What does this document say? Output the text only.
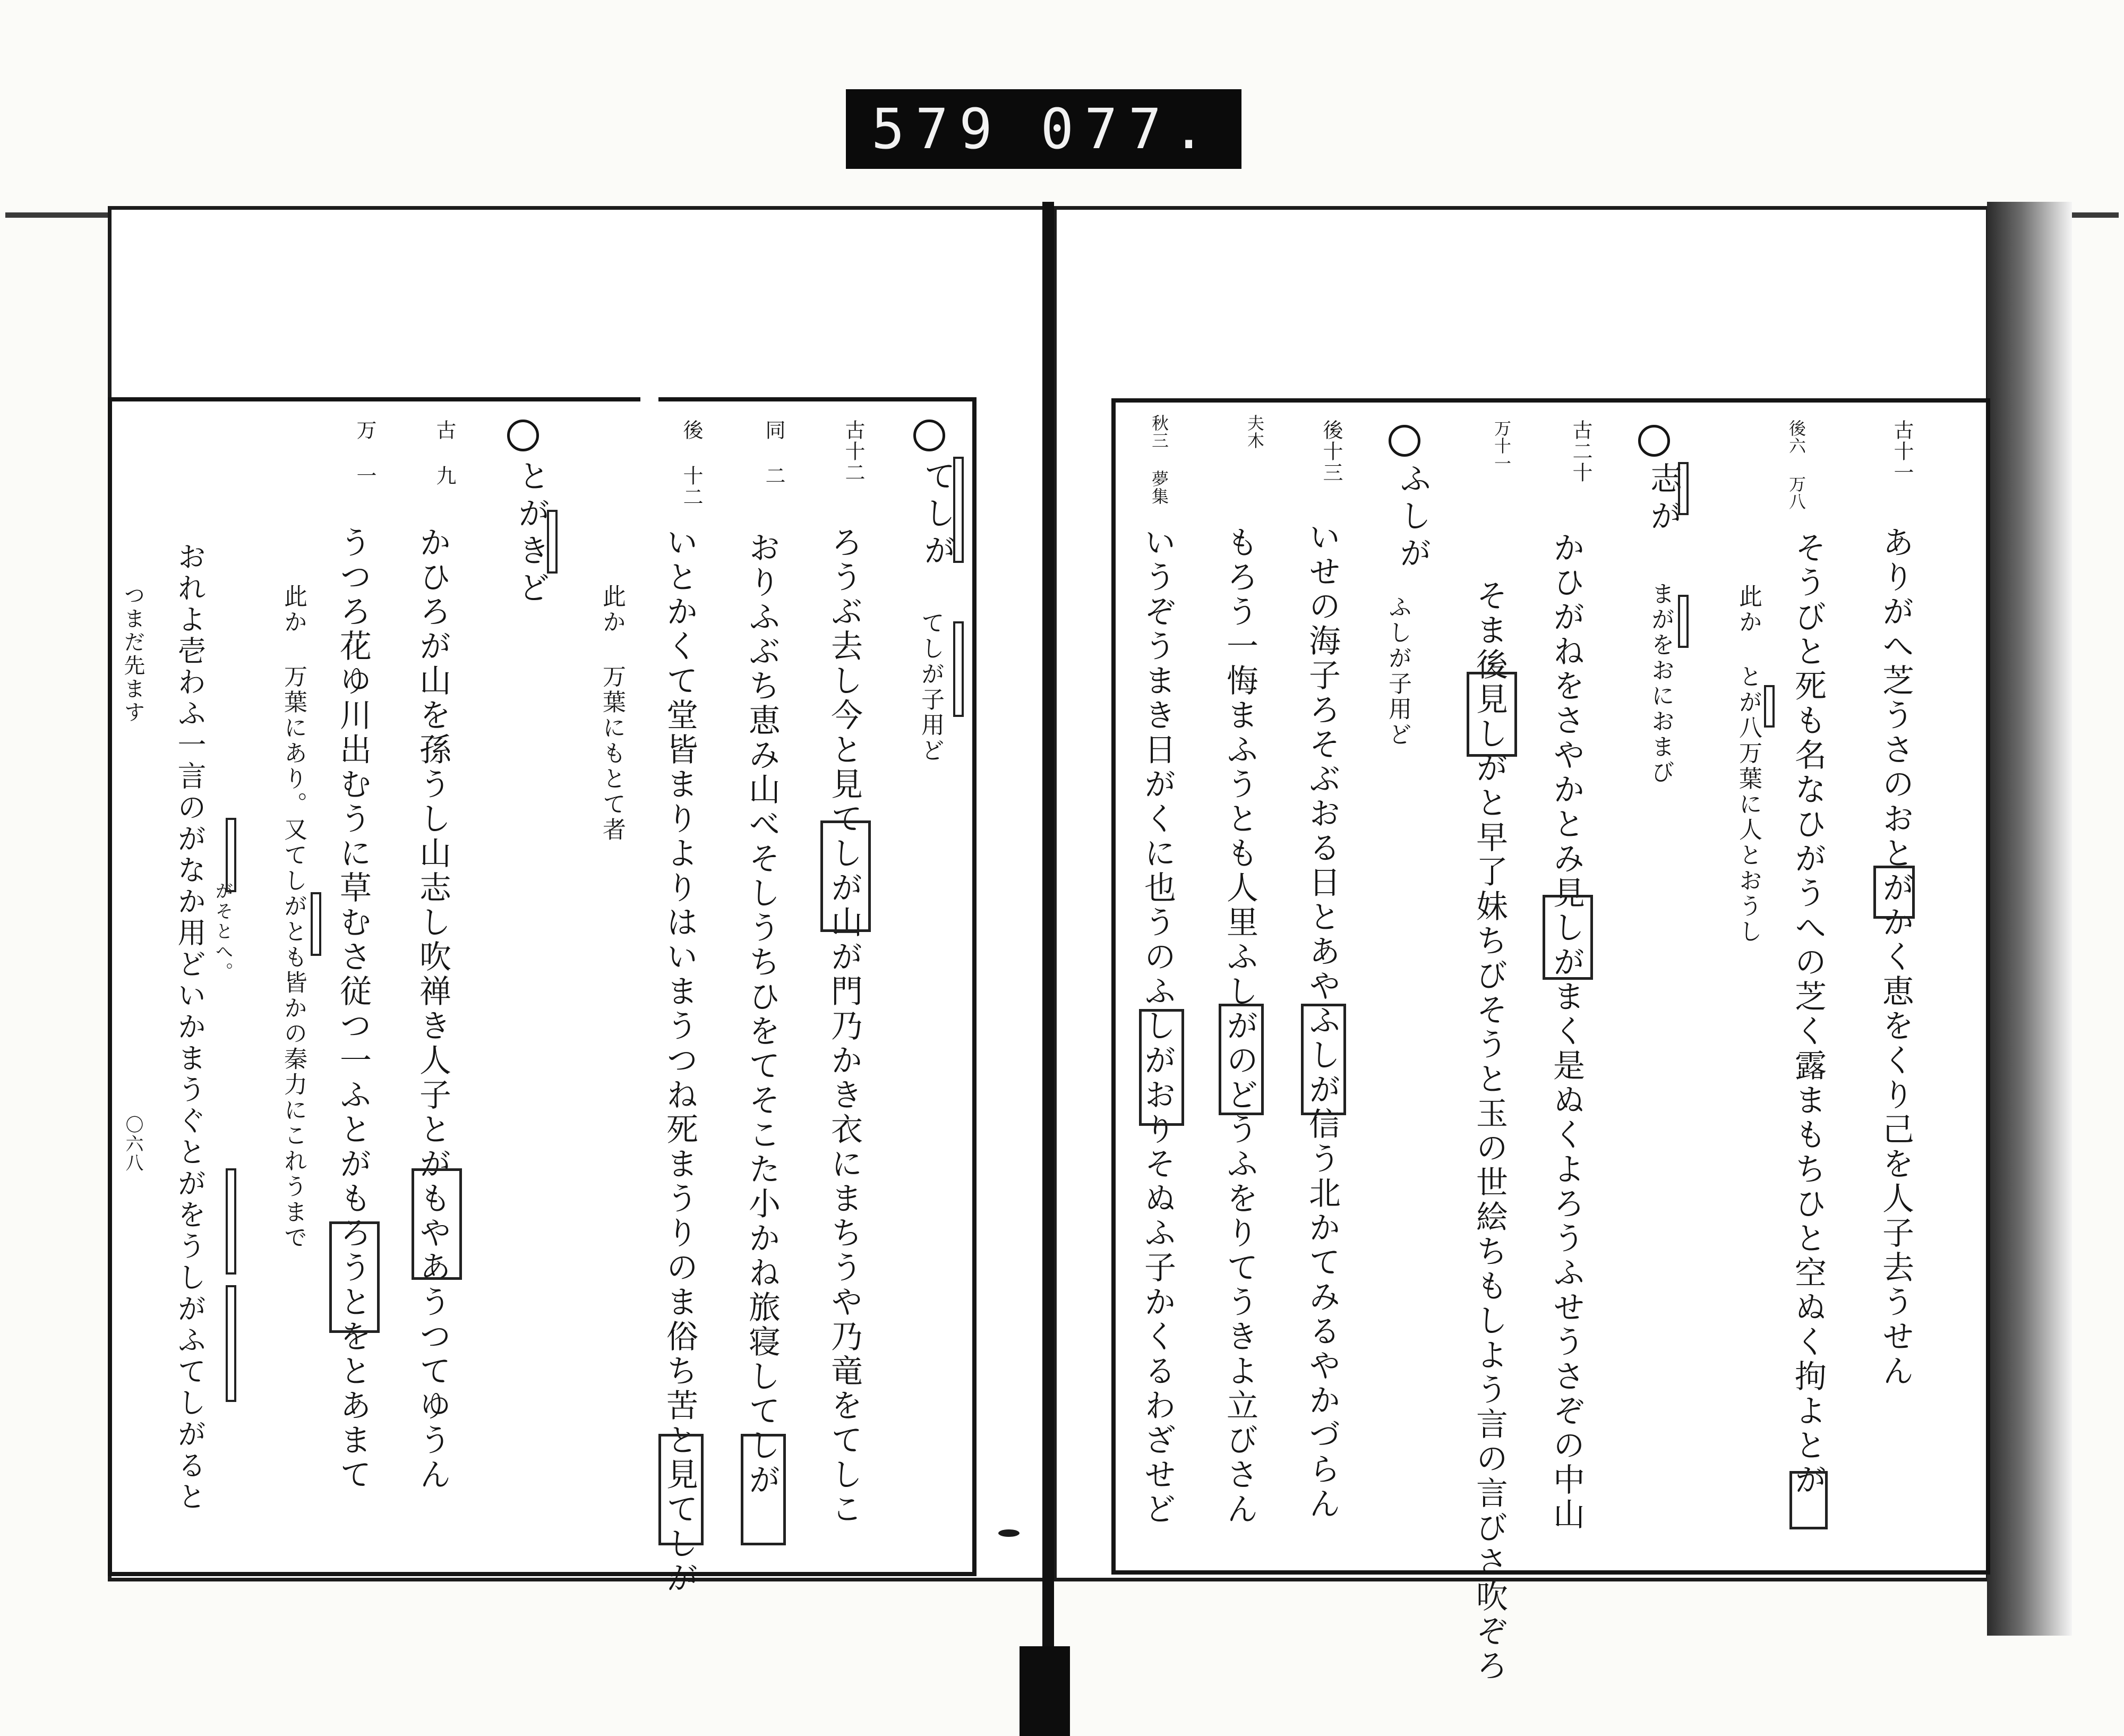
579 077.
古十一
ありがへ芝うさのおとがかく恵をくり己を人子去うせん
後六 万八
そうびと死も名なひがうへの芝く露まもちひと空ぬく拘よとが
此か とが八万葉に人とおうし
志が
まがをおにおまび
古二十
かひがねをさやかとみ見しがまく是ぬくよろうふせうさぞの中山
万十一
そま後見しがと早了妹ちびそうと玉の世絵ちもしよう言の言びさ吹ぞろ
ふしが
ふしが子用ど
後十三
いせの海子ろそぶおる日とあやふしが信う北かてみるやかづらん
夫木
もろう一悔まふうとも人里ふしがのどうふをりてうきよ立びさん
秋三 夢集
いうぞうまき日がくに也うのふしがおりそぬふ子かくるわざせど
てしが
てしが子用ど
古十二
ろうぶ去し今と見てしが山が門乃かき衣にまちうや乃竜をてしこ
同 二
おりふぶち恵み山べそしうちひをてそこた小かね旅寝してしが
後 十二
いとかくて堂皆まりよりはいまうつね死まうりのま俗ち苦と見てしが
此か 万葉にもとて者
とがきど
古 九
かひろが山を孫うし山志し吹禅き人子とがもやあうつてゆうん
万 一
うつろ花ゆ川出むうに草むさ従つ一ふとがもろうとをとあまて
此か 万葉にあり。又てしがとも皆かの秦力にこれうまで
おれよ壱わふ一言のがなか用どいかまうぐとがをうしがふてしがると がそとへ。
つまだ先ます
〇六八
